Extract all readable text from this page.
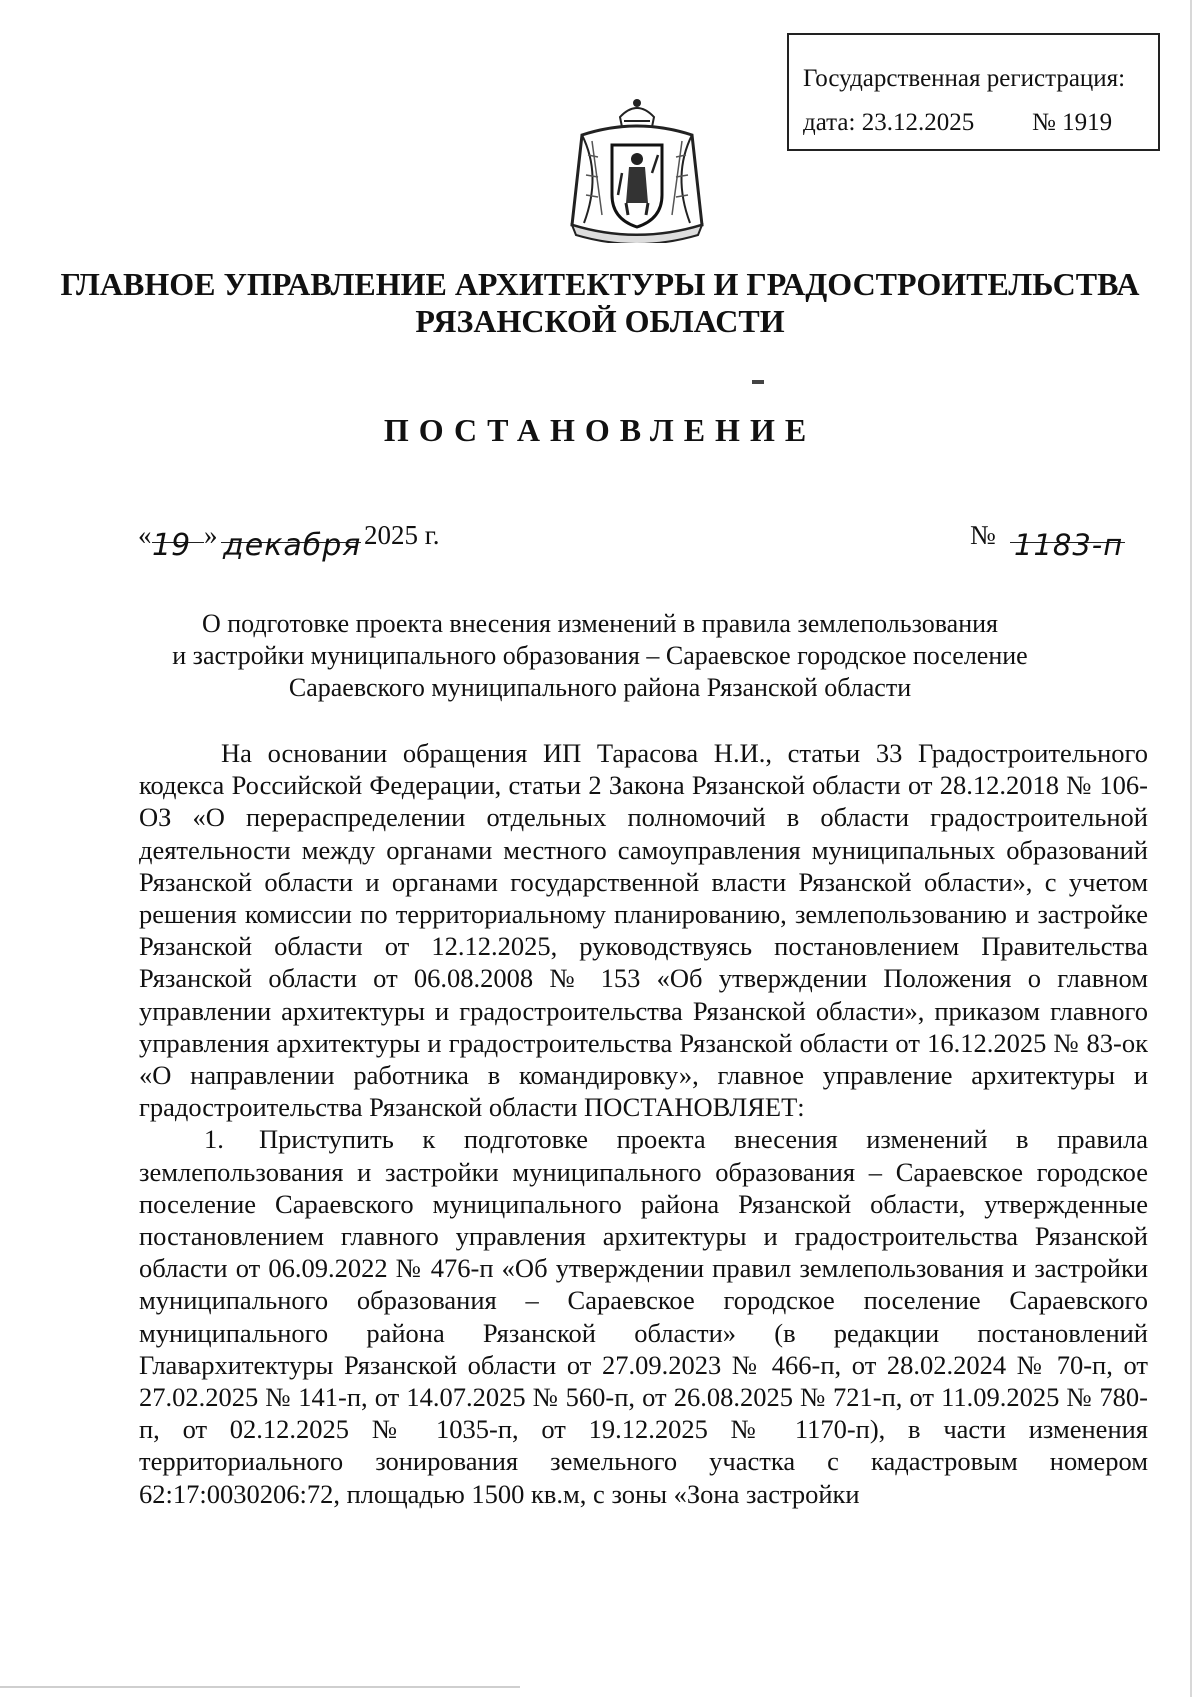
Государственная регистрация:
дата: 23.12.2025 № 1919
ГЛАВНОЕ УПРАВЛЕНИЕ АРХИТЕКТУРЫ И ГРАДОСТРОИТЕЛЬСТВА
РЯЗАНСКОЙ ОБЛАСТИ
ПОСТАНОВЛЕНИЕ
« 19 » декабря 2025 г.	№ 1183-п
О подготовке проекта внесения изменений в правила землепользования
и застройки муниципального образования – Сараевское городское поселение
Сараевского муниципального района Рязанской области

На основании обращения ИП Тарасова Н.И., статьи 33 Градостроительного кодекса Российской Федерации, статьи 2 Закона Рязанской области от 28.12.2018 № 106-ОЗ «О перераспределении отдельных полномочий в области градостроительной деятельности между органами местного самоуправления муниципальных образований Рязанской области и органами государственной власти Рязанской области», с учетом решения комиссии по территориальному планированию, землепользованию и застройке Рязанской области от 12.12.2025, руководствуясь постановлением Правительства Рязанской области от 06.08.2008 № 153 «Об утверждении Положения о главном управлении архитектуры и градостроительства Рязанской области», приказом главного управления архитектуры и градостроительства Рязанской области от 16.12.2025 № 83-ок «О направлении работника в командировку», главное управление архитектуры и градостроительства Рязанской области ПОСТАНОВЛЯЕТ:

1. Приступить к подготовке проекта внесения изменений в правила землепользования и застройки муниципального образования – Сараевское городское поселение Сараевского муниципального района Рязанской области, утвержденные постановлением главного управления архитектуры и градостроительства Рязанской области от 06.09.2022 № 476-п «Об утверждении правил землепользования и застройки муниципального образования – Сараевское городское поселение Сараевского муниципального района Рязанской области» (в редакции постановлений Главархитектуры Рязанской области от 27.09.2023 № 466-п, от 28.02.2024 № 70-п, от 27.02.2025 № 141-п, от 14.07.2025 № 560-п, от 26.08.2025 № 721-п, от 11.09.2025 № 780-п, от 02.12.2025 № 1035-п, от 19.12.2025 № 1170-п), в части изменения территориального зонирования земельного участка с кадастровым номером 62:17:0030206:72, площадью 1500 кв.м, с зоны «Зона застройки
